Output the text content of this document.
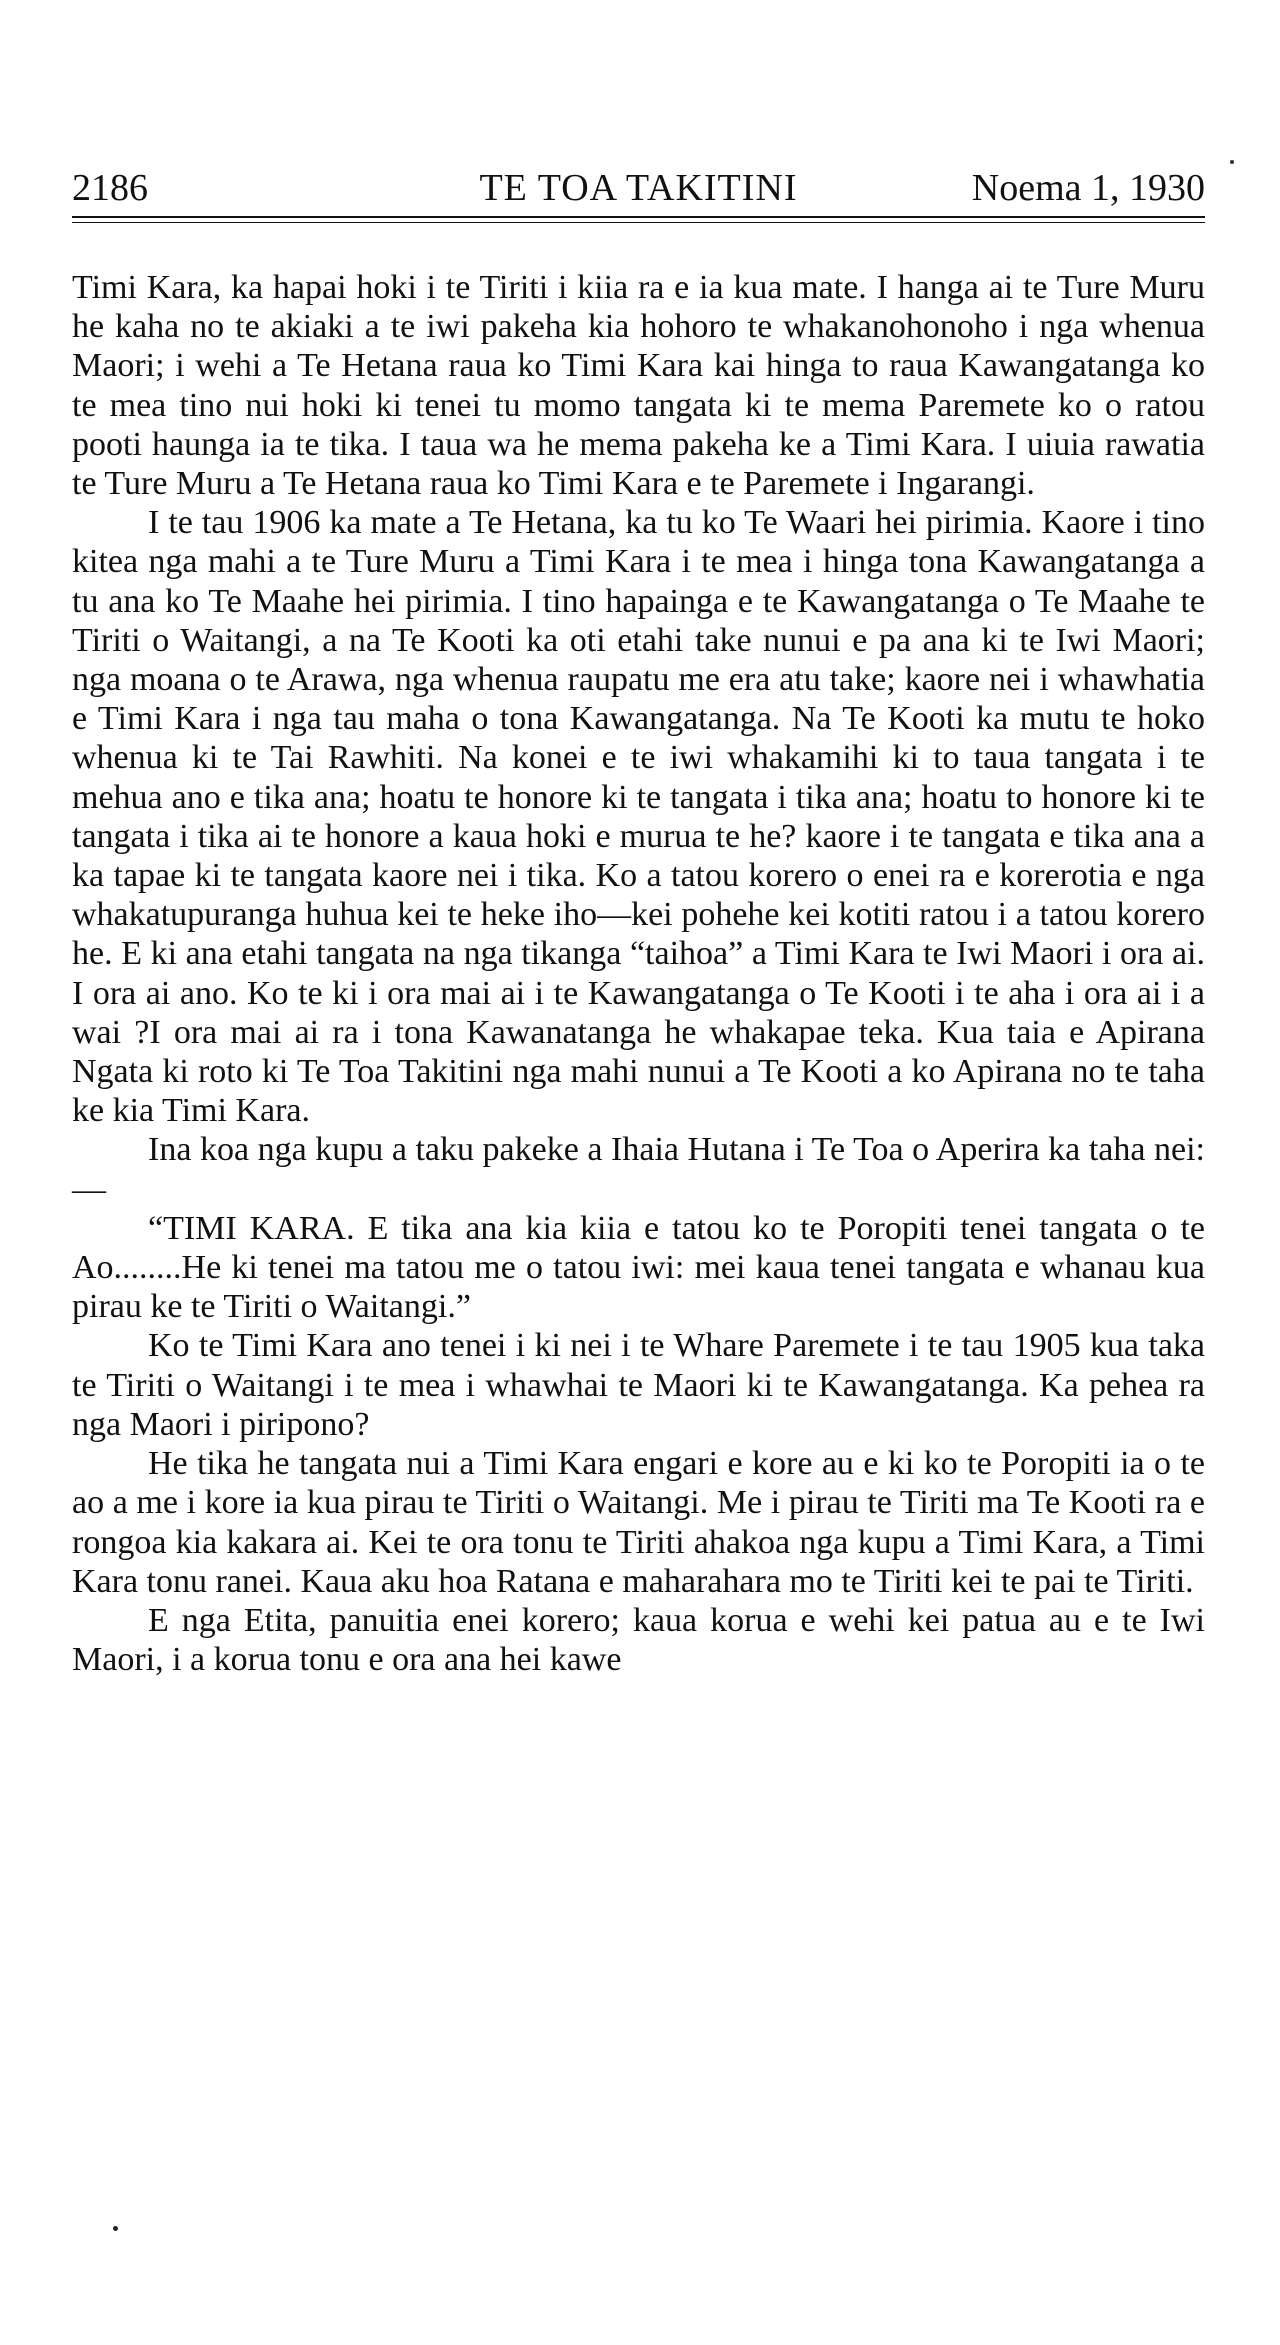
2186	TE TOA TAKITINI	Noema 1, 1930

Timi Kara, ka hapai hoki i te Tiriti i kiia ra e ia kua mate. I hanga ai te Ture Muru he kaha no te akiaki a te iwi pakeha kia hohoro te whakanohonoho i nga whenua Maori; i wehi a Te Hetana raua ko Timi Kara kai hinga to raua Kawangatanga ko te mea tino nui hoki ki tenei tu momo tangata ki te mema Paremete ko o ratou pooti haunga ia te tika. I taua wa he mema pakeha ke a Timi Kara. I uiuia rawatia te Ture Muru a Te Hetana raua ko Timi Kara e te Paremete i Ingarangi.

I te tau 1906 ka mate a Te Hetana, ka tu ko Te Waari hei pirimia. Kaore i tino kitea nga mahi a te Ture Muru a Timi Kara i te mea i hinga tona Kawangatanga a tu ana ko Te Maahe hei pirimia. I tino hapainga e te Kawangatanga o Te Maahe te Tiriti o Waitangi, a na Te Kooti ka oti etahi take nunui e pa ana ki te Iwi Maori; nga moana o te Arawa, nga whenua raupatu me era atu take; kaore nei i whawhatia e Timi Kara i nga tau maha o tona Kawangatanga. Na Te Kooti ka mutu te hoko whenua ki te Tai Rawhiti. Na konei e te iwi whakamihi ki to taua tangata i te mehua ano e tika ana; hoatu te honore ki te tangata i tika ana; hoatu to honore ki te tangata i tika ai te honore a kaua hoki e murua te he? kaore i te tangata e tika ana a ka tapae ki te tangata kaore nei i tika. Ko a tatou korero o enei ra e korerotia e nga whakatupuranga huhua kei te heke iho—kei pohehe kei kotiti ratou i a tatou korero he. E ki ana etahi tangata na nga tikanga “taihoa” a Timi Kara te Iwi Maori i ora ai. I ora ai ano. Ko te ki i ora mai ai i te Kawangatanga o Te Kooti i te aha i ora ai i a wai ?I ora mai ai ra i tona Kawanatanga he whakapae teka. Kua taia e Apirana Ngata ki roto ki Te Toa Takitini nga mahi nunui a Te Kooti a ko Apirana no te taha ke kia Timi Kara.

Ina koa nga kupu a taku pakeke a Ihaia Hutana i Te Toa o Aperira ka taha nei:—

“TIMI KARA. E tika ana kia kiia e tatou ko te Poropiti tenei tangata o te Ao........He ki tenei ma tatou me o tatou iwi: mei kaua tenei tangata e whanau kua pirau ke te Tiriti o Waitangi.”

Ko te Timi Kara ano tenei i ki nei i te Whare Paremete i te tau 1905 kua taka te Tiriti o Waitangi i te mea i whawhai te Maori ki te Kawangatanga. Ka pehea ra nga Maori i piripono?

He tika he tangata nui a Timi Kara engari e kore au e ki ko te Poropiti ia o te ao a me i kore ia kua pirau te Tiriti o Waitangi. Me i pirau te Tiriti ma Te Kooti ra e rongoa kia kakara ai. Kei te ora tonu te Tiriti ahakoa nga kupu a Timi Kara, a Timi Kara tonu ranei. Kaua aku hoa Ratana e maharahara mo te Tiriti kei te pai te Tiriti.

E nga Etita, panuitia enei korero; kaua korua e wehi kei patua au e te Iwi Maori, i a korua tonu e ora ana hei kawe
